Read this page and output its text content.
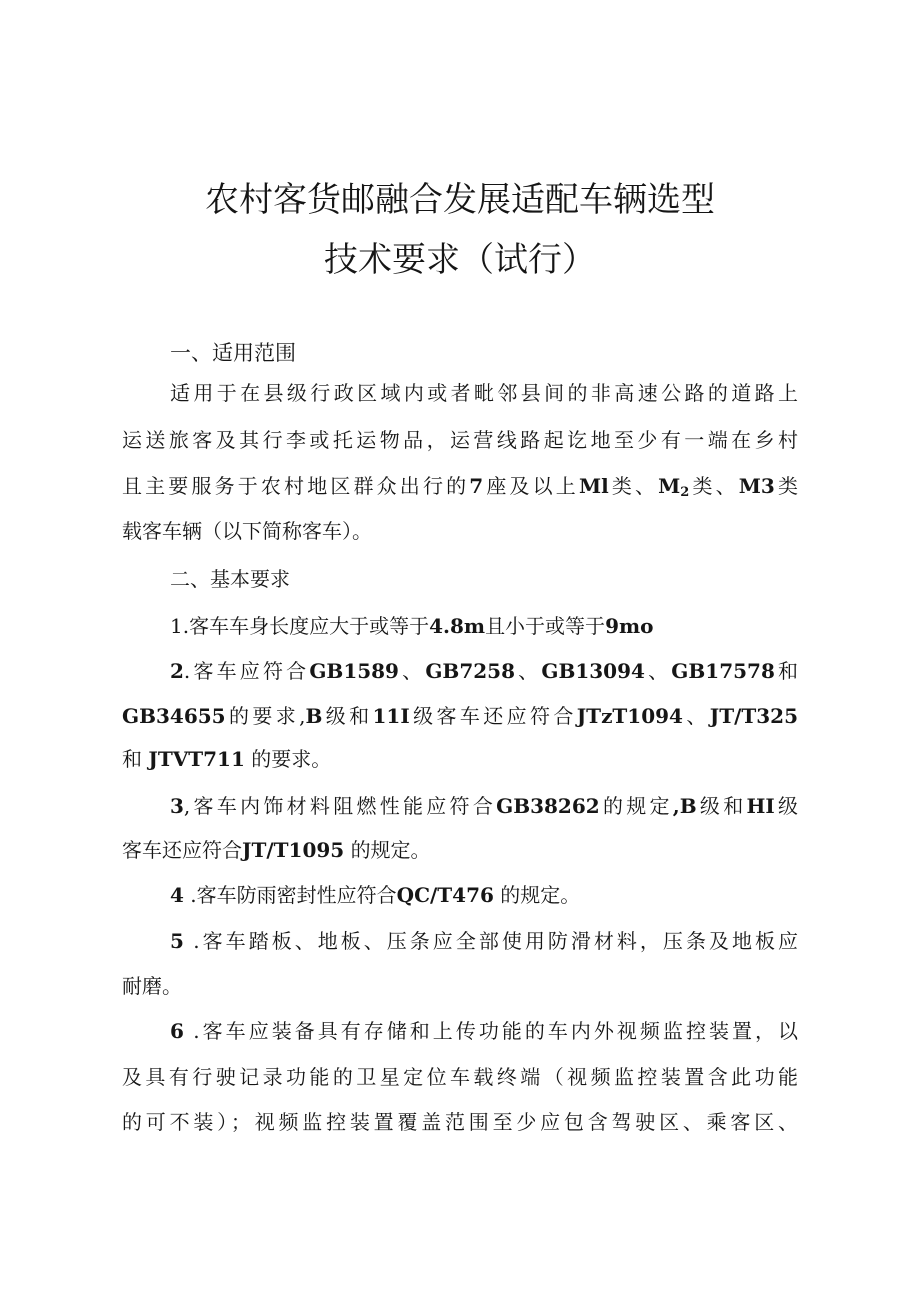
农村客货邮融合发展适配车辆选型
技术要求（试行）
一、适用范围
适用于在县级行政区域内或者毗邻县间的非高速公路的道路上
运送旅客及其行李或托运物品，运营线路起讫地至少有一端在乡村
且主要服务于农村地区群众出行的7座及以上Ml类、$M_2$类、M3类
载客车辆（以下简称客车）。
二、基本要求
1.客车车身长度应大于或等于4.8m且小于或等于9mo
2.客车应符合GB1589、GB7258、GB13094、GB17578和
GB34655的要求,B级和11I级客车还应符合JTzT1094、JT/T325
和 JTVT711 的要求。
3,客车内饰材料阻燃性能应符合GB38262的规定,B级和HI级
客车还应符合JT/T1095 的规定。
4 .客车防雨密封性应符合QC/T476 的规定。
5 .客车踏板、地板、压条应全部使用防滑材料，压条及地板应
耐磨。
6 .客车应装备具有存储和上传功能的车内外视频监控装置，以
及具有行驶记录功能的卫星定位车载终端（视频监控装置含此功能
的可不装）；视频监控装置覆盖范围至少应包含驾驶区、乘客区、
